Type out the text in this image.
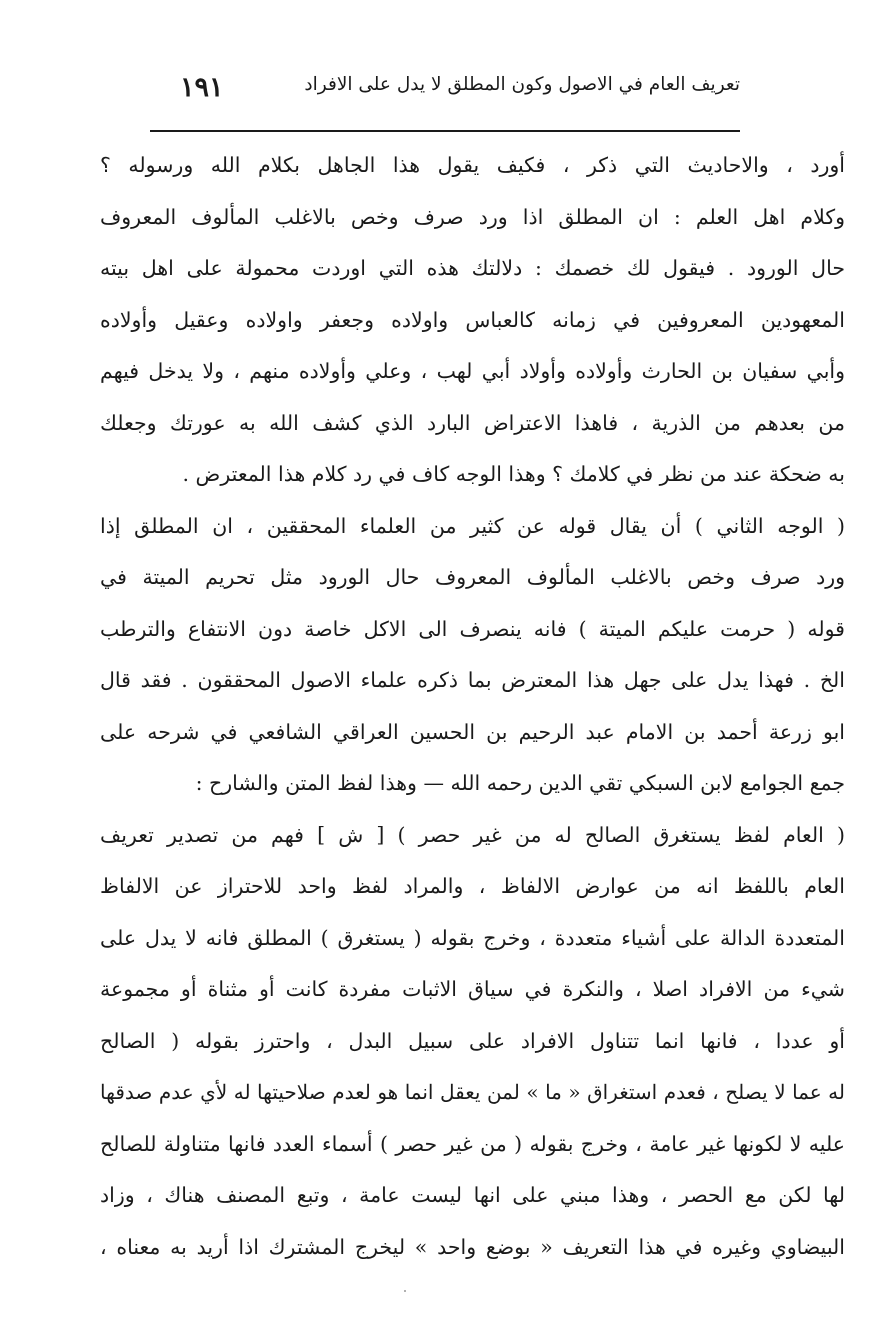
تعريف العام في الاصول وكون المطلق لا يدل على الافراد
١٩١
أورد ، والاحاديث التي ذكر ، فكيف يقول هذا الجاهل بكلام الله ورسوله ؟
وكلام اهل العلم : ان المطلق اذا ورد صرف وخص بالاغلب المألوف المعروف
حال الورود . فيقول لك خصمك : دلالتك هذه التي اوردت محمولة على اهل بيته
المعهودين المعروفين في زمانه كالعباس واولاده وجعفر واولاده وعقيل وأولاده
وأبي سفيان بن الحارث وأولاده وأولاد أبي لهب ، وعلي وأولاده منهم ، ولا يدخل فيهم
من بعدهم من الذرية ، فاهذا الاعتراض البارد الذي كشف الله به عورتك وجعلك
به ضحكة عند من نظر في كلامك ؟ وهذا الوجه كاف في رد كلام هذا المعترض .
( الوجه الثاني ) أن يقال قوله عن كثير من العلماء المحققين ، ان المطلق إذا
ورد صرف وخص بالاغلب المألوف المعروف حال الورود مثل تحريم الميتة في
قوله ( حرمت عليكم الميتة ) فانه ينصرف الى الاكل خاصة دون الانتفاع والترطب
الخ . فهذا يدل على جهل هذا المعترض بما ذكره علماء الاصول المحققون . فقد قال
ابو زرعة أحمد بن الامام عبد الرحيم بن الحسين العراقي الشافعي في شرحه على
جمع الجوامع لابن السبكي تقي الدين رحمه الله — وهذا لفظ المتن والشارح :
( العام لفظ يستغرق الصالح له من غير حصر ) [ ش ] فهم من تصدير تعريف
العام باللفظ انه من عوارض الالفاظ ، والمراد لفظ واحد للاحتراز عن الالفاظ
المتعددة الدالة على أشياء متعددة ، وخرج بقوله ( يستغرق ) المطلق فانه لا يدل على
شيء من الافراد اصلا ، والنكرة في سياق الاثبات مفردة كانت أو مثناة أو مجموعة
أو عددا ، فانها انما تتناول الافراد على سبيل البدل ، واحترز بقوله ( الصالح
له عما لا يصلح ، فعدم استغراق « ما » لمن يعقل انما هو لعدم صلاحيتها له لأي عدم صدقها
عليه لا لكونها غير عامة ، وخرج بقوله ( من غير حصر ) أسماء العدد فانها متناولة للصالح
لها لكن مع الحصر ، وهذا مبني على انها ليست عامة ، وتبع المصنف هناك ، وزاد
البيضاوي وغيره في هذا التعريف « بوضع واحد » ليخرج المشترك اذا أريد به معناه ،
